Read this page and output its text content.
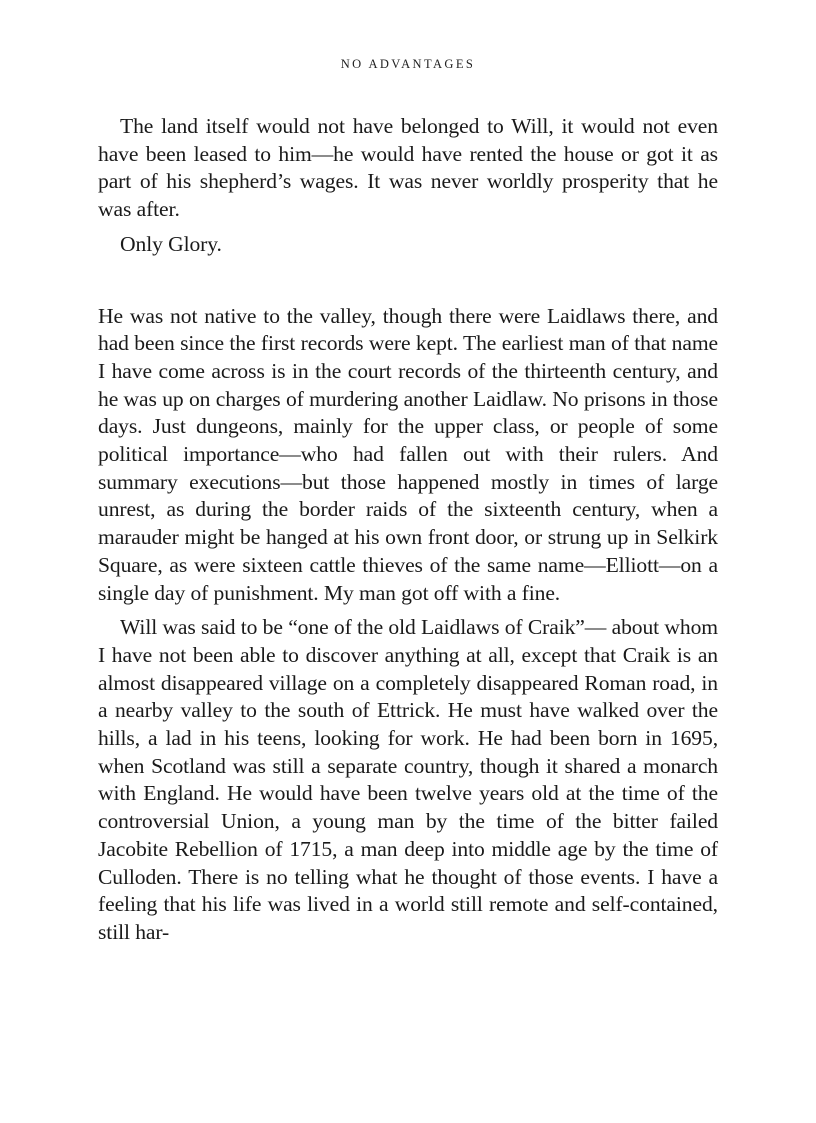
NO ADVANTAGES

The land itself would not have belonged to Will, it would not even have been leased to him—he would have rented the house or got it as part of his shepherd’s wages. It was never worldly prosperity that he was after.

Only Glory.

He was not native to the valley, though there were Laidlaws there, and had been since the first records were kept. The earliest man of that name I have come across is in the court records of the thirteenth century, and he was up on charges of murdering another Laidlaw. No prisons in those days. Just dungeons, mainly for the upper class, or people of some political importance—who had fallen out with their rulers. And summary executions—but those happened mostly in times of large unrest, as during the border raids of the sixteenth century, when a marauder might be hanged at his own front door, or strung up in Selkirk Square, as were sixteen cattle thieves of the same name—Elliott—on a single day of punishment. My man got off with a fine.

Will was said to be “one of the old Laidlaws of Craik”— about whom I have not been able to discover anything at all, except that Craik is an almost disappeared village on a completely disappeared Roman road, in a nearby valley to the south of Ettrick. He must have walked over the hills, a lad in his teens, looking for work. He had been born in 1695, when Scotland was still a separate country, though it shared a monarch with England. He would have been twelve years old at the time of the controversial Union, a young man by the time of the bitter failed Jacobite Rebellion of 1715, a man deep into middle age by the time of Culloden. There is no telling what he thought of those events. I have a feeling that his life was lived in a world still remote and self-contained, still har-
